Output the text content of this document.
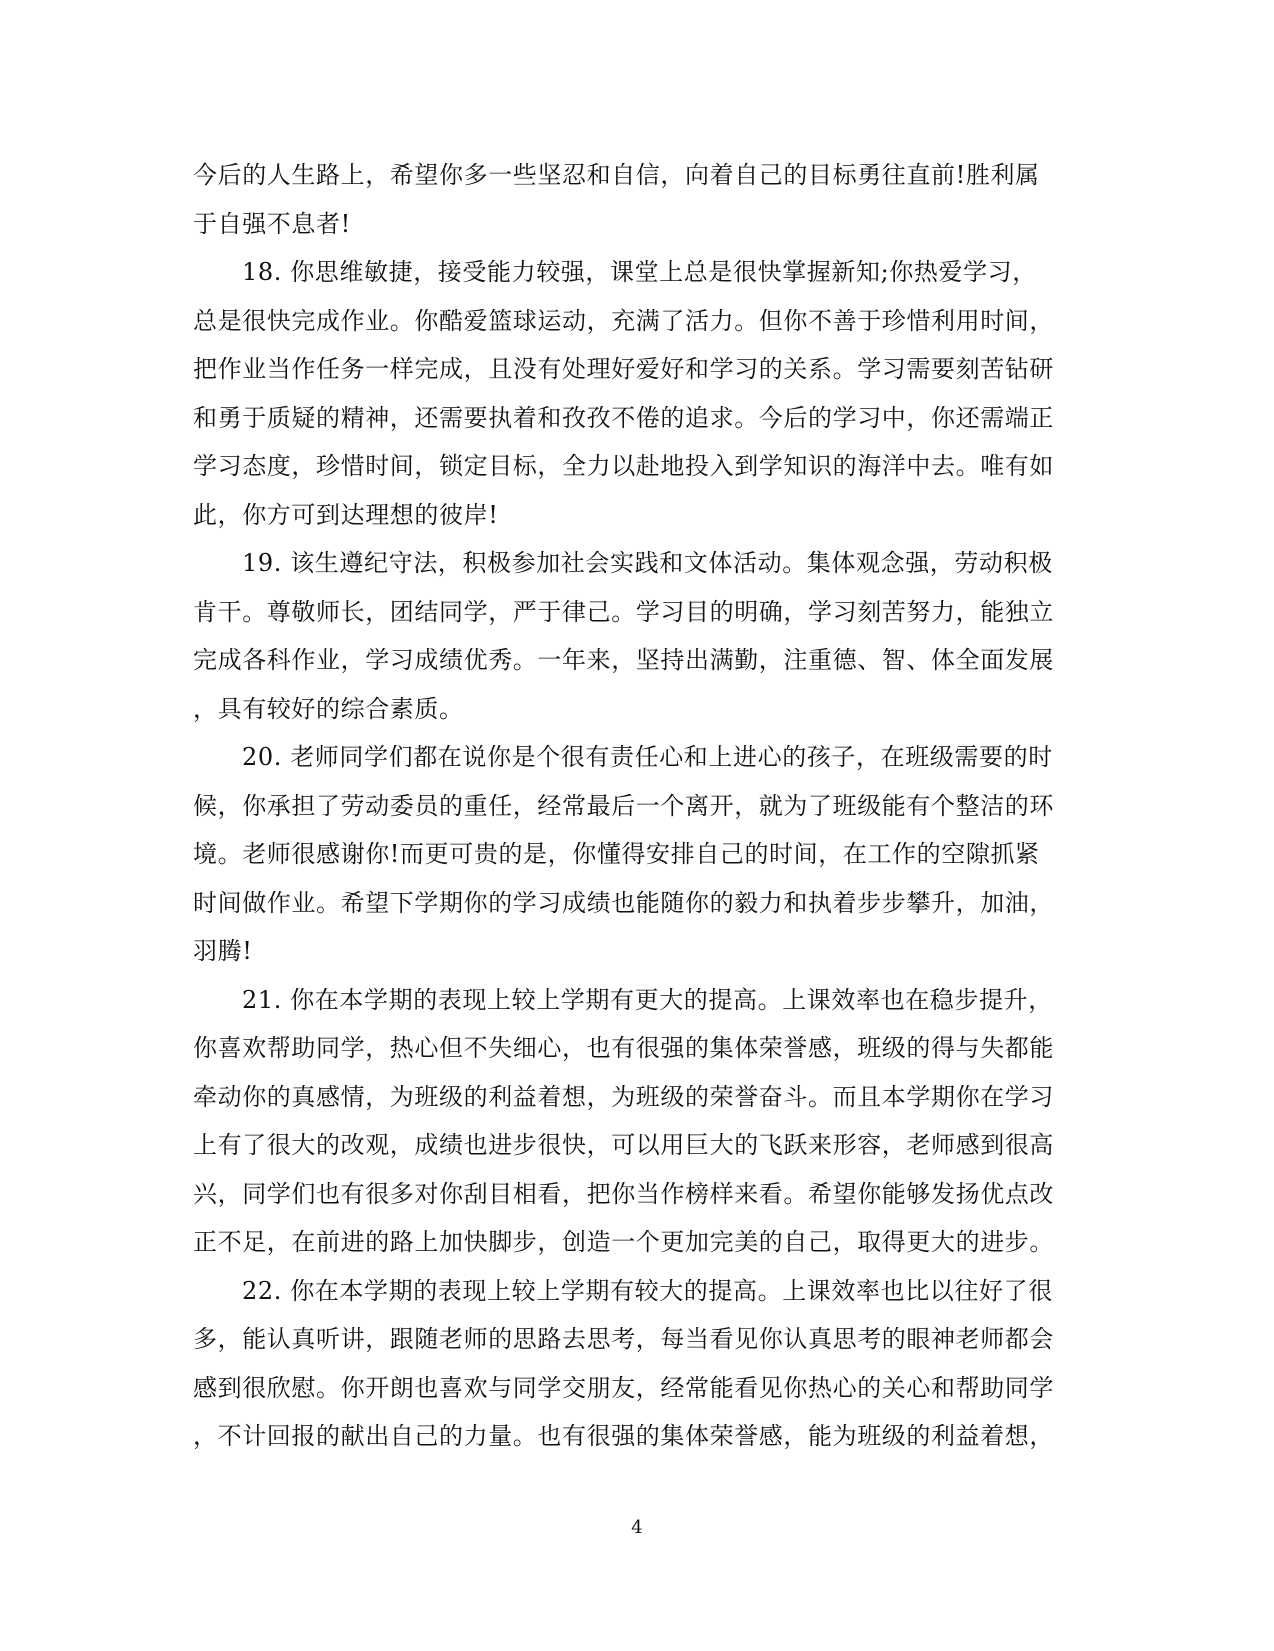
今后的人生路上，希望你多一些坚忍和自信，向着自己的目标勇往直前!胜利属
于自强不息者!
18. 你思维敏捷，接受能力较强，课堂上总是很快掌握新知;你热爱学习，
总是很快完成作业。你酷爱篮球运动，充满了活力。但你不善于珍惜利用时间，
把作业当作任务一样完成，且没有处理好爱好和学习的关系。学习需要刻苦钻研
和勇于质疑的精神，还需要执着和孜孜不倦的追求。今后的学习中，你还需端正
学习态度，珍惜时间，锁定目标，全力以赴地投入到学知识的海洋中去。唯有如
此，你方可到达理想的彼岸!
19. 该生遵纪守法，积极参加社会实践和文体活动。集体观念强，劳动积极
肯干。尊敬师长，团结同学，严于律己。学习目的明确，学习刻苦努力，能独立
完成各科作业，学习成绩优秀。一年来，坚持出满勤，注重德、智、体全面发展
，具有较好的综合素质。
20. 老师同学们都在说你是个很有责任心和上进心的孩子，在班级需要的时
候，你承担了劳动委员的重任，经常最后一个离开，就为了班级能有个整洁的环
境。老师很感谢你!而更可贵的是，你懂得安排自己的时间，在工作的空隙抓紧
时间做作业。希望下学期你的学习成绩也能随你的毅力和执着步步攀升，加油，
羽腾!
21. 你在本学期的表现上较上学期有更大的提高。上课效率也在稳步提升，
你喜欢帮助同学，热心但不失细心，也有很强的集体荣誉感，班级的得与失都能
牵动你的真感情，为班级的利益着想，为班级的荣誉奋斗。而且本学期你在学习
上有了很大的改观，成绩也进步很快，可以用巨大的飞跃来形容，老师感到很高
兴，同学们也有很多对你刮目相看，把你当作榜样来看。希望你能够发扬优点改
正不足，在前进的路上加快脚步，创造一个更加完美的自己，取得更大的进步。
22. 你在本学期的表现上较上学期有较大的提高。上课效率也比以往好了很
多，能认真听讲，跟随老师的思路去思考，每当看见你认真思考的眼神老师都会
感到很欣慰。你开朗也喜欢与同学交朋友，经常能看见你热心的关心和帮助同学
，不计回报的献出自己的力量。也有很强的集体荣誉感，能为班级的利益着想，
4
